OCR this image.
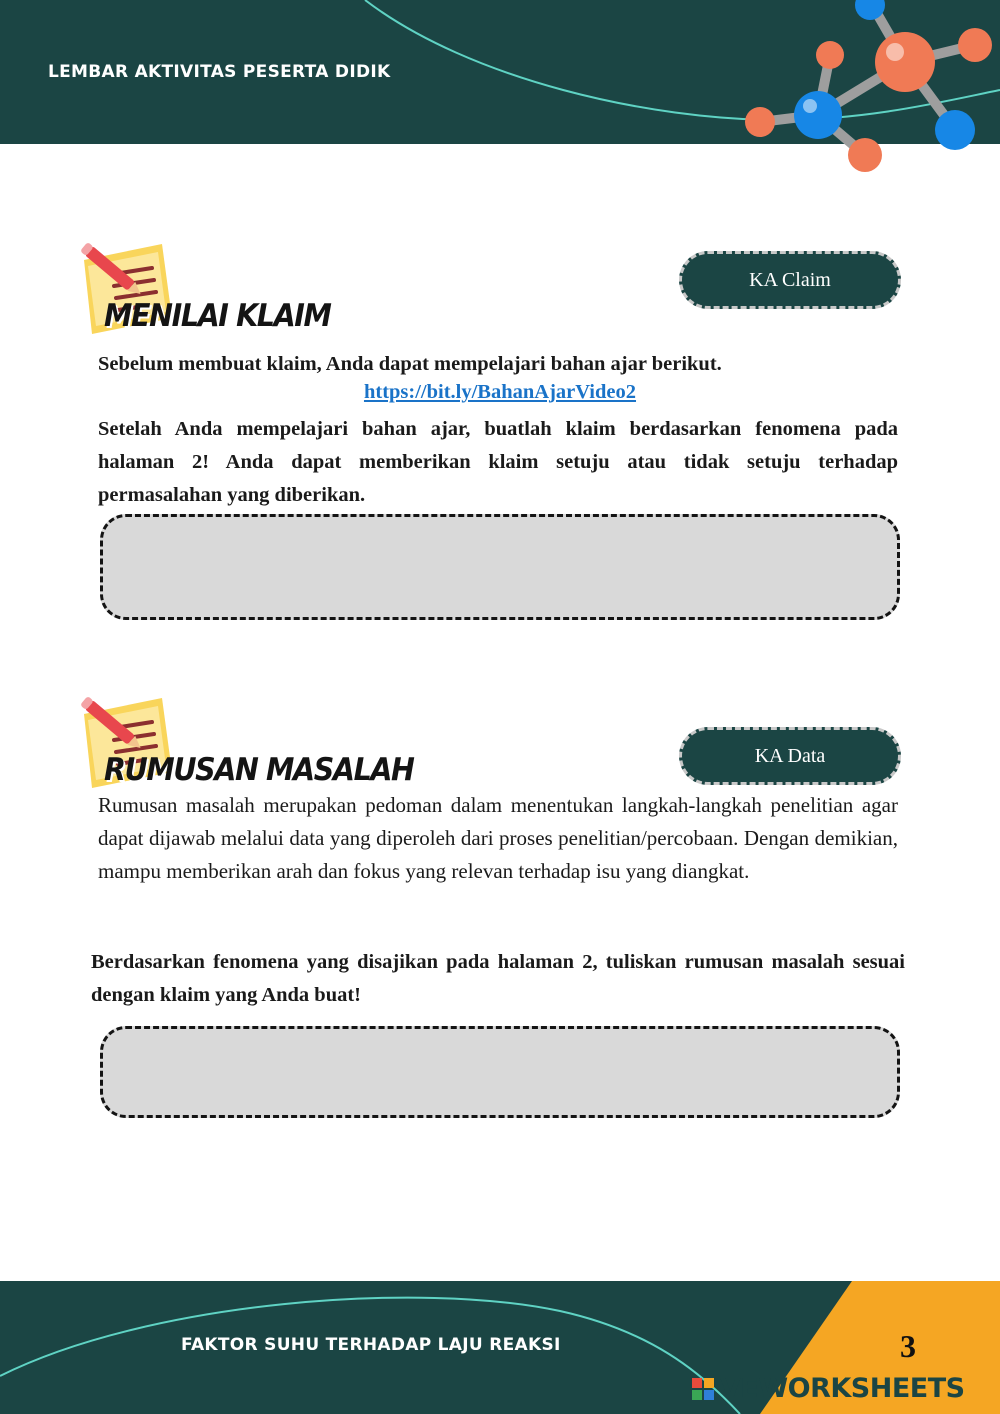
LEMBAR AKTIVITAS PESERTA DIDIK
MENILAI KLAIM
KA Claim
Sebelum membuat klaim, Anda dapat mempelajari bahan ajar berikut.
https://bit.ly/BahanAjarVideo2
Setelah Anda mempelajari bahan ajar, buatlah klaim berdasarkan fenomena pada halaman 2! Anda dapat memberikan klaim setuju atau tidak setuju terhadap permasalahan yang diberikan.
RUMUSAN MASALAH	KA Data
Rumusan masalah merupakan pedoman dalam menentukan langkah-langkah penelitian agar dapat dijawab melalui data yang diperoleh dari proses penelitian/percobaan. Dengan demikian, mampu memberikan arah dan fokus yang relevan terhadap isu yang diangkat.
Berdasarkan fenomena yang disajikan pada halaman 2, tuliskan rumusan masalah sesuai dengan klaim yang Anda buat!
FAKTOR SUHU TERHADAP LAJU REAKSI	3
VEWORKSHEETS
